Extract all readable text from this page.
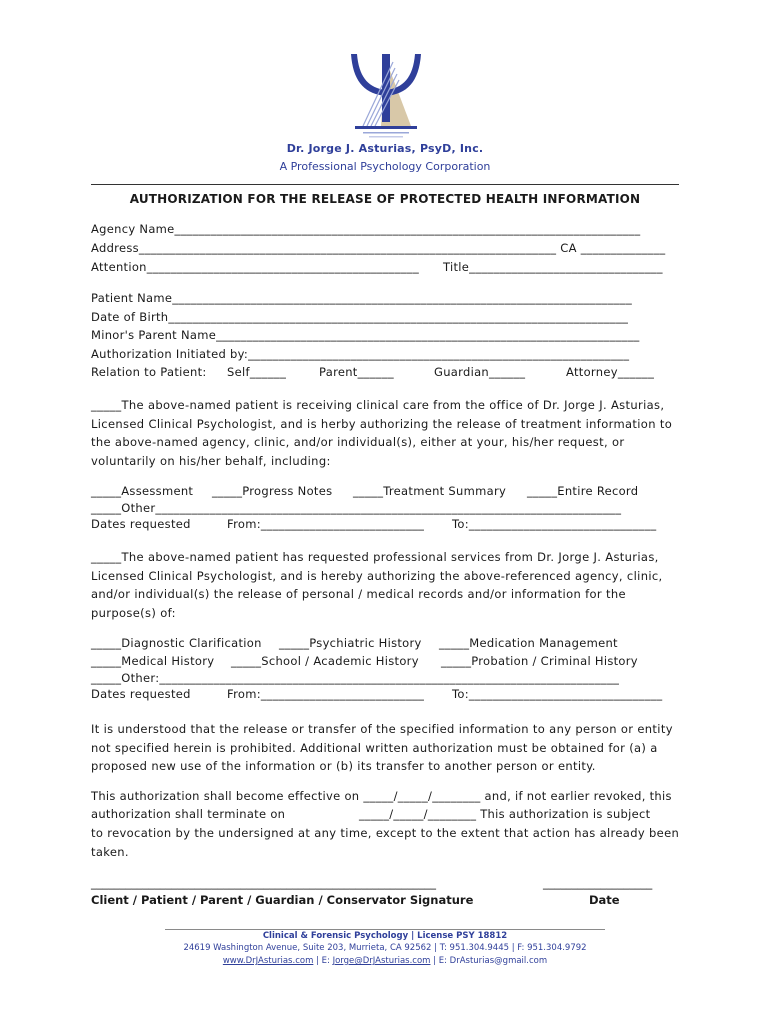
Dr. Jorge J. Asturias, PsyD, Inc.
A Professional Psychology Corporation
AUTHORIZATION FOR THE RELEASE OF PROTECTED HEALTH INFORMATION
Agency Name_____________________________________________________________________________
Address_____________________________________________________________________ CA ______________
Attention_____________________________________________ Title________________________________
Patient Name____________________________________________________________________________
Date of Birth____________________________________________________________________________
Minor's Parent Name______________________________________________________________________
Authorization Initiated by:_______________________________________________________________
Relation to Patient: Self______	Parent______	Guardian______	Attorney______
_____The above-named patient is receiving clinical care from the office of Dr. Jorge J. Asturias, Licensed Clinical Psychologist, and is herby authorizing the release of treatment information to the above-named agency, clinic, and/or individual(s), either at your, his/her request, or voluntarily on his/her behalf, including:
_____Assessment _____Progress Notes _____Treatment Summary _____Entire Record
_____Other_____________________________________________________________________________
Dates requested	From:___________________________ To:_______________________________
_____The above-named patient has requested professional services from Dr. Jorge J. Asturias, Licensed Clinical Psychologist, and is hereby authorizing the above-referenced agency, clinic, and/or individual(s) the release of personal / medical records and/or information for the purpose(s) of:
_____Diagnostic Clarification _____Psychiatric History _____Medication Management
_____Medical History _____School / Academic History _____Probation / Criminal History
_____Other:____________________________________________________________________________
Dates requested	From:___________________________ To:________________________________
It is understood that the release or transfer of the specified information to any person or entity not specified herein is prohibited. Additional written authorization must be obtained for (a) a proposed new use of the information or (b) its transfer to another person or entity.
This authorization shall become effective on _____/_____/________ and, if not earlier revoked, this
authorization shall terminate on	_____/_____/________ This authorization is subject
to revocation by the undersigned at any time, except to the extent that action has already been taken.
____________________________________________________________
Client / Patient / Parent / Guardian / Conservator Signature
___________________
Date
Clinical & Forensic Psychology | License PSY 18812
24619 Washington Avenue, Suite 203, Murrieta, CA 92562 | T: 951.304.9445 | F: 951.304.9792
www.DrJAsturias.com | E: Jorge@DrJAsturias.com | E: DrAsturias@gmail.com
